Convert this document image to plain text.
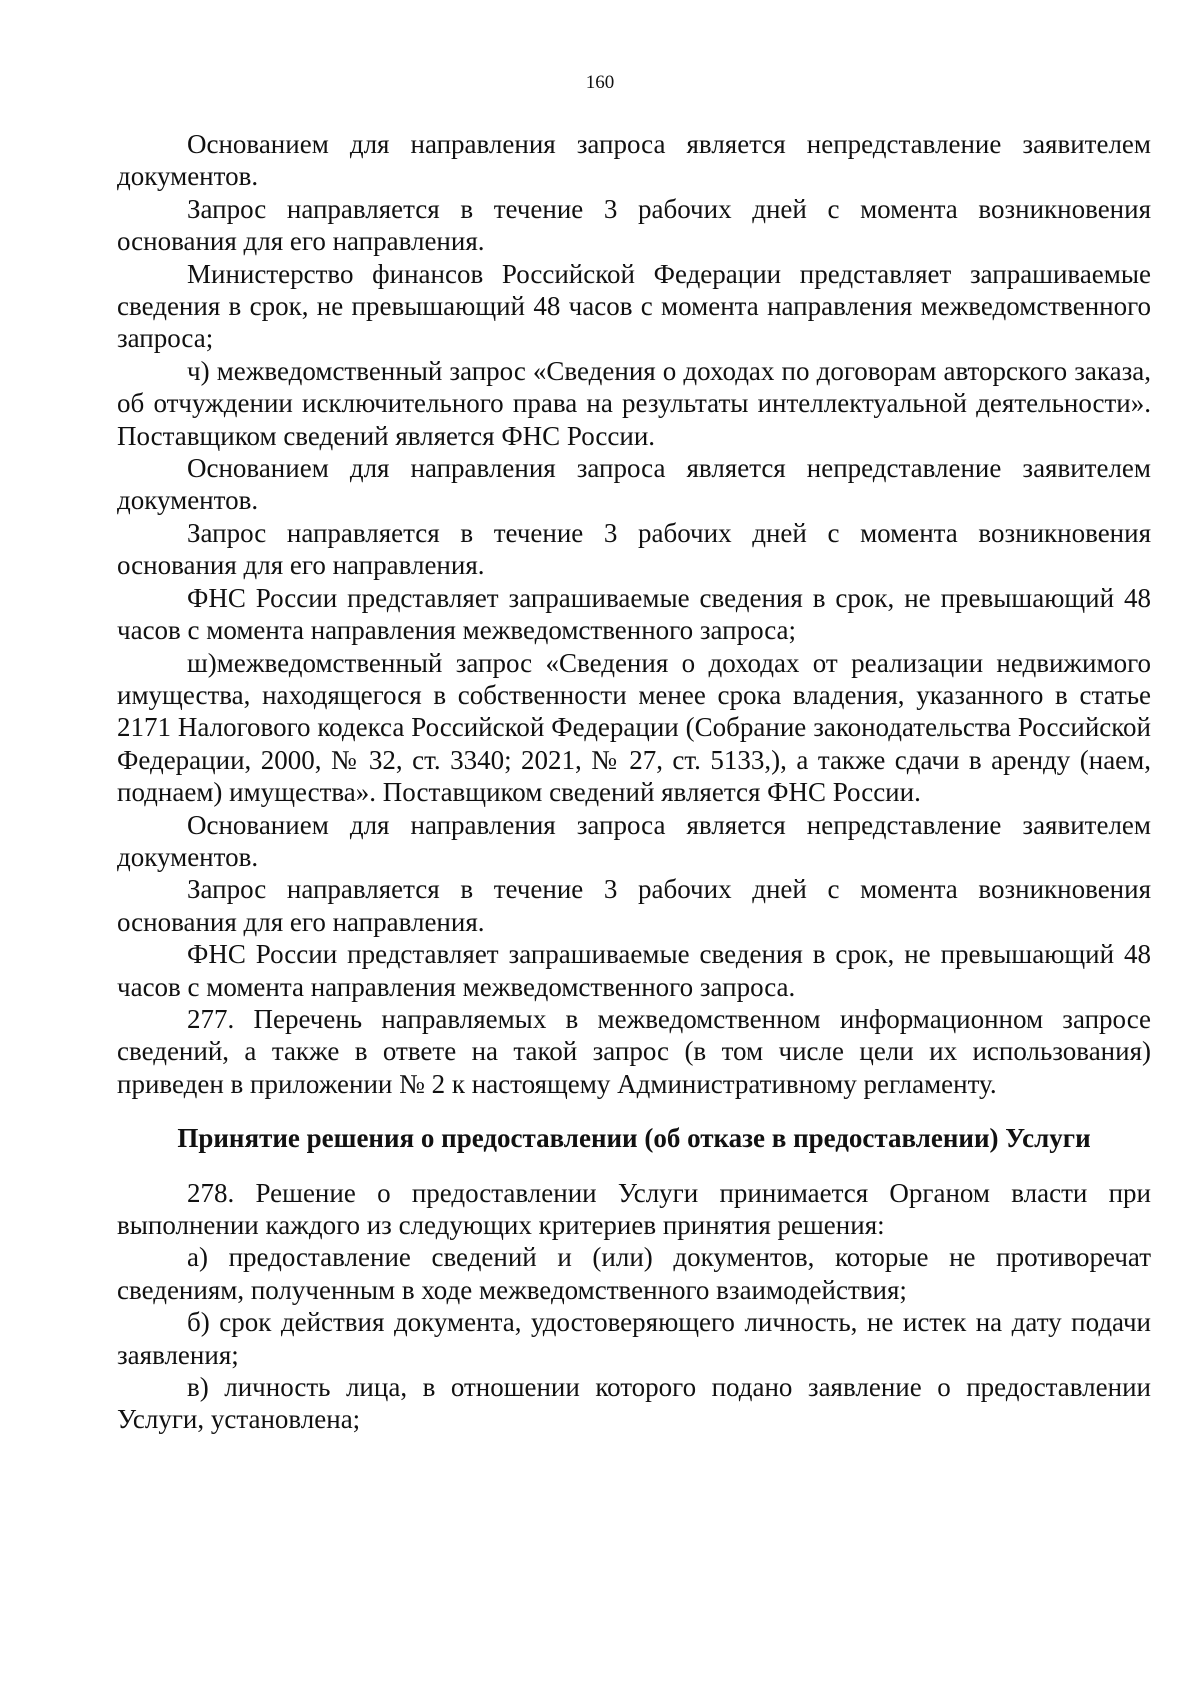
160

Основанием для направления запроса является непредставление заявителем документов.

Запрос направляется в течение 3 рабочих дней с момента возникновения основания для его направления.

Министерство финансов Российской Федерации представляет запрашиваемые сведения в срок, не превышающий 48 часов с момента направления межведомственного запроса;

ч) межведомственный запрос «Сведения о доходах по договорам авторского заказа, об отчуждении исключительного права на результаты интеллектуальной деятельности». Поставщиком сведений является ФНС России.

Основанием для направления запроса является непредставление заявителем документов.

Запрос направляется в течение 3 рабочих дней с момента возникновения основания для его направления.

ФНС России представляет запрашиваемые сведения в срок, не превышающий 48 часов с момента направления межведомственного запроса;

ш)межведомственный запрос «Сведения о доходах от реализации недвижимого имущества, находящегося в собственности менее срока владения, указанного в статье 2171 Налогового кодекса Российской Федерации (Собрание законодательства Российской Федерации, 2000, № 32, ст. 3340; 2021, № 27, ст. 5133,), а также сдачи в аренду (наем, поднаем) имущества». Поставщиком сведений является ФНС России.

Основанием для направления запроса является непредставление заявителем документов.

Запрос направляется в течение 3 рабочих дней с момента возникновения основания для его направления.

ФНС России представляет запрашиваемые сведения в срок, не превышающий 48 часов с момента направления межведомственного запроса.

277. Перечень направляемых в межведомственном информационном запросе сведений, а также в ответе на такой запрос (в том числе цели их использования) приведен в приложении № 2 к настоящему Административному регламенту.

Принятие решения о предоставлении (об отказе в предоставлении) Услуги

278. Решение о предоставлении Услуги принимается Органом власти при выполнении каждого из следующих критериев принятия решения:

а) предоставление сведений и (или) документов, которые не противоречат сведениям, полученным в ходе межведомственного взаимодействия;

б) срок действия документа, удостоверяющего личность, не истек на дату подачи заявления;

в) личность лица, в отношении которого подано заявление о предоставлении Услуги, установлена;
